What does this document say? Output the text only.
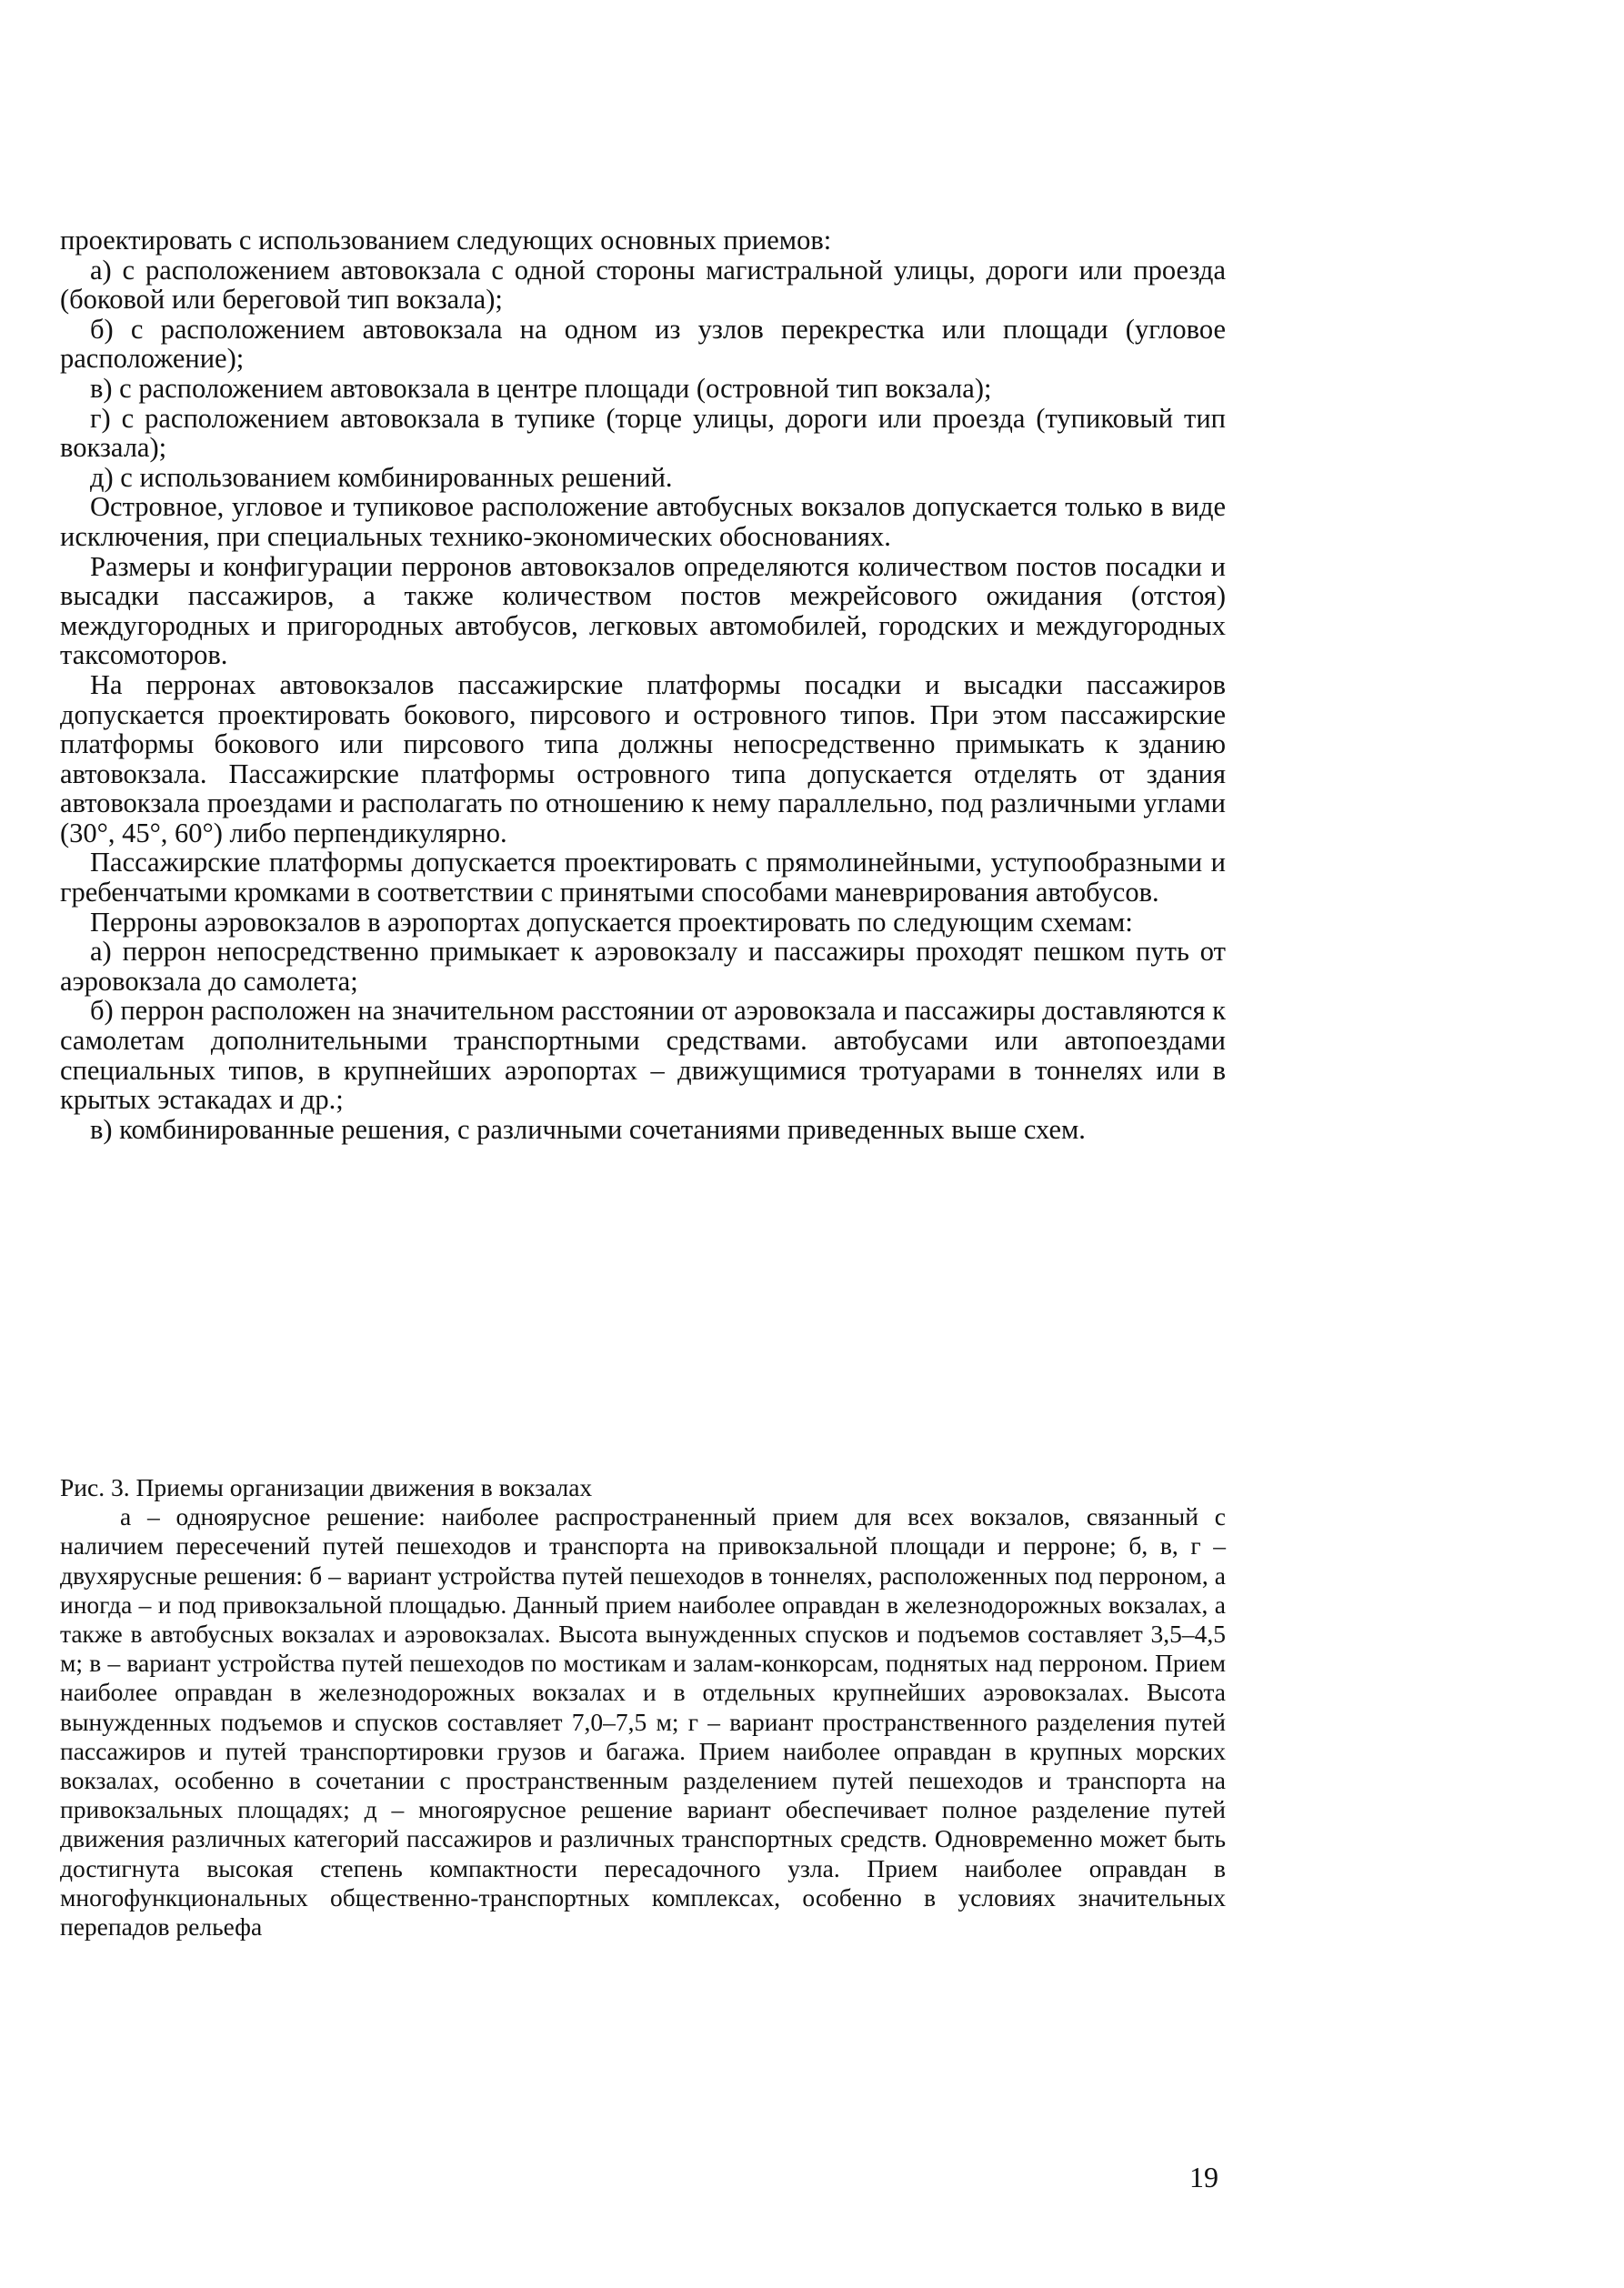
проектировать с использованием следующих основных приемов:

а) с расположением автовокзала с одной стороны магистральной улицы, дороги или проезда (боковой или береговой тип вокзала);

б) с расположением автовокзала на одном из узлов перекрестка или площади (угловое расположение);

в) с расположением автовокзала в центре площади (островной тип вокзала);

г) с расположением автовокзала в тупике (торце улицы, дороги или проезда (тупиковый тип вокзала);

д) с использованием комбинированных решений.

Островное, угловое и тупиковое расположение автобусных вокзалов допускается только в виде исключения, при специальных технико-экономических обоснованиях.

Размеры и конфигурации перронов автовокзалов определяются количеством постов посадки и высадки пассажиров, а также количеством постов межрейсового ожидания (отстоя) междугородных и пригородных автобусов, легковых автомобилей, городских и междугородных таксомоторов.

На перронах автовокзалов пассажирские платформы посадки и высадки пассажиров допускается проектировать бокового, пирсового и островного типов. При этом пассажирские платформы бокового или пирсового типа должны непосредственно примыкать к зданию автовокзала. Пассажирские платформы островного типа допускается отделять от здания автовокзала проездами и располагать по отношению к нему параллельно, под различными углами (30°, 45°, 60°) либо перпендикулярно.

Пассажирские платформы допускается проектировать с прямолинейными, уступообразными и гребенчатыми кромками в соответствии с принятыми способами маневрирования автобусов.

Перроны аэровокзалов в аэропортах допускается проектировать по следующим схемам:

а) перрон непосредственно примыкает к аэровокзалу и пассажиры проходят пешком путь от аэровокзала до самолета;

б) перрон расположен на значительном расстоянии от аэровокзала и пассажиры доставляются к самолетам дополнительными транспортными средствами. автобусами или автопоездами специальных типов, в крупнейших аэропортах – движущимися тротуарами в тоннелях или в крытых эстакадах и др.;

в) комбинированные решения, с различными сочетаниями приведенных выше схем.

Рис. 3. Приемы организации движения в вокзалах

а – одноярусное решение: наиболее распространенный прием для всех вокзалов, связанный с наличием пересечений путей пешеходов и транспорта на привокзальной площади и перроне; б, в, г – двухярусные решения: б – вариант устройства путей пешеходов в тоннелях, расположенных под перроном, а иногда – и под привокзальной площадью. Данный прием наиболее оправдан в железнодорожных вокзалах, а также в автобусных вокзалах и аэровокзалах. Высота вынужденных спусков и подъемов составляет 3,5–4,5 м; в – вариант устройства путей пешеходов по мостикам и залам-конкорсам, поднятых над перроном. Прием наиболее оправдан в железнодорожных вокзалах и в отдельных крупнейших аэровокзалах. Высота вынужденных подъемов и спусков составляет 7,0–7,5 м; г – вариант пространственного разделения путей пассажиров и путей транспортировки грузов и багажа. Прием наиболее оправдан в крупных морских вокзалах, особенно в сочетании с пространственным разделением путей пешеходов и транспорта на привокзальных площадях; д – многоярусное решение вариант обеспечивает полное разделение путей движения различных категорий пассажиров и различных транспортных средств. Одновременно может быть достигнута высокая степень компактности пересадочного узла. Прием наиболее оправдан в многофункциональных общественно-транспортных комплексах, особенно в условиях значительных перепадов рельефа

19
